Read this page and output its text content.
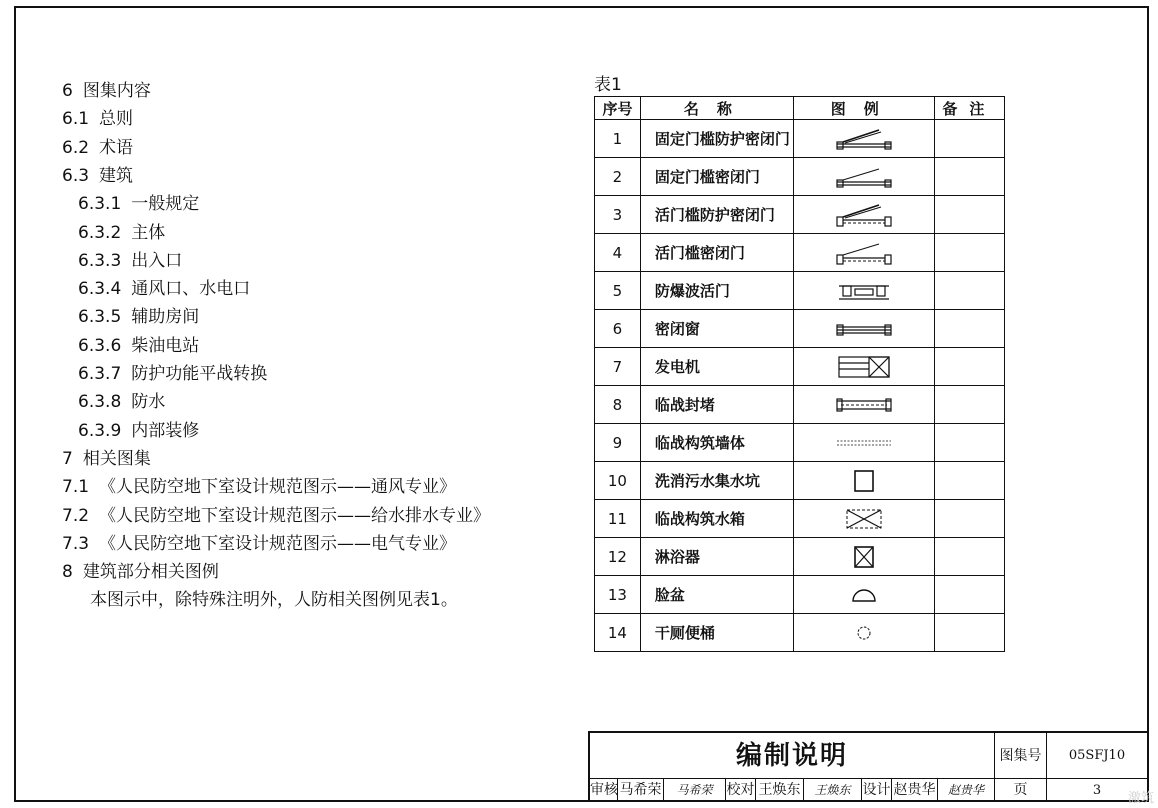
6 图集内容
6.1 总则
6.2 术语
6.3 建筑
6.3.1 一般规定
6.3.2 主体
6.3.3 出入口
6.3.4 通风口、水电口
6.3.5 辅助房间
6.3.6 柴油电站
6.3.7 防护功能平战转换
6.3.8 防水
6.3.9 内部装修
7 相关图集
7.1 《人民防空地下室设计规范图示——通风专业》
7.2 《人民防空地下室设计规范图示——给水排水专业》
7.3 《人民防空地下室设计规范图示——电气专业》
8 建筑部分相关图例
本图示中，除特殊注明外，人防相关图例见表1。
表1
序号	名称	图例	备注
1	固定门槛防护密闭门	

2	固定门槛密闭门	

3	活门槛防护密闭门	

4	活门槛密闭门	

5	防爆波活门	

6	密闭窗	

7	发电机	

8	临战封堵	

9	临战构筑墙体	

10	洗消污水集水坑	

11	临战构筑水箱	

12	淋浴器	

13	脸盆	

14	干厕便桶	

编制说明	图集号	05SFJ10
审核 马希荣	马希荣	校对 王焕东	王焕东 设计 赵贵华	赵贵华	页	3
激筑
